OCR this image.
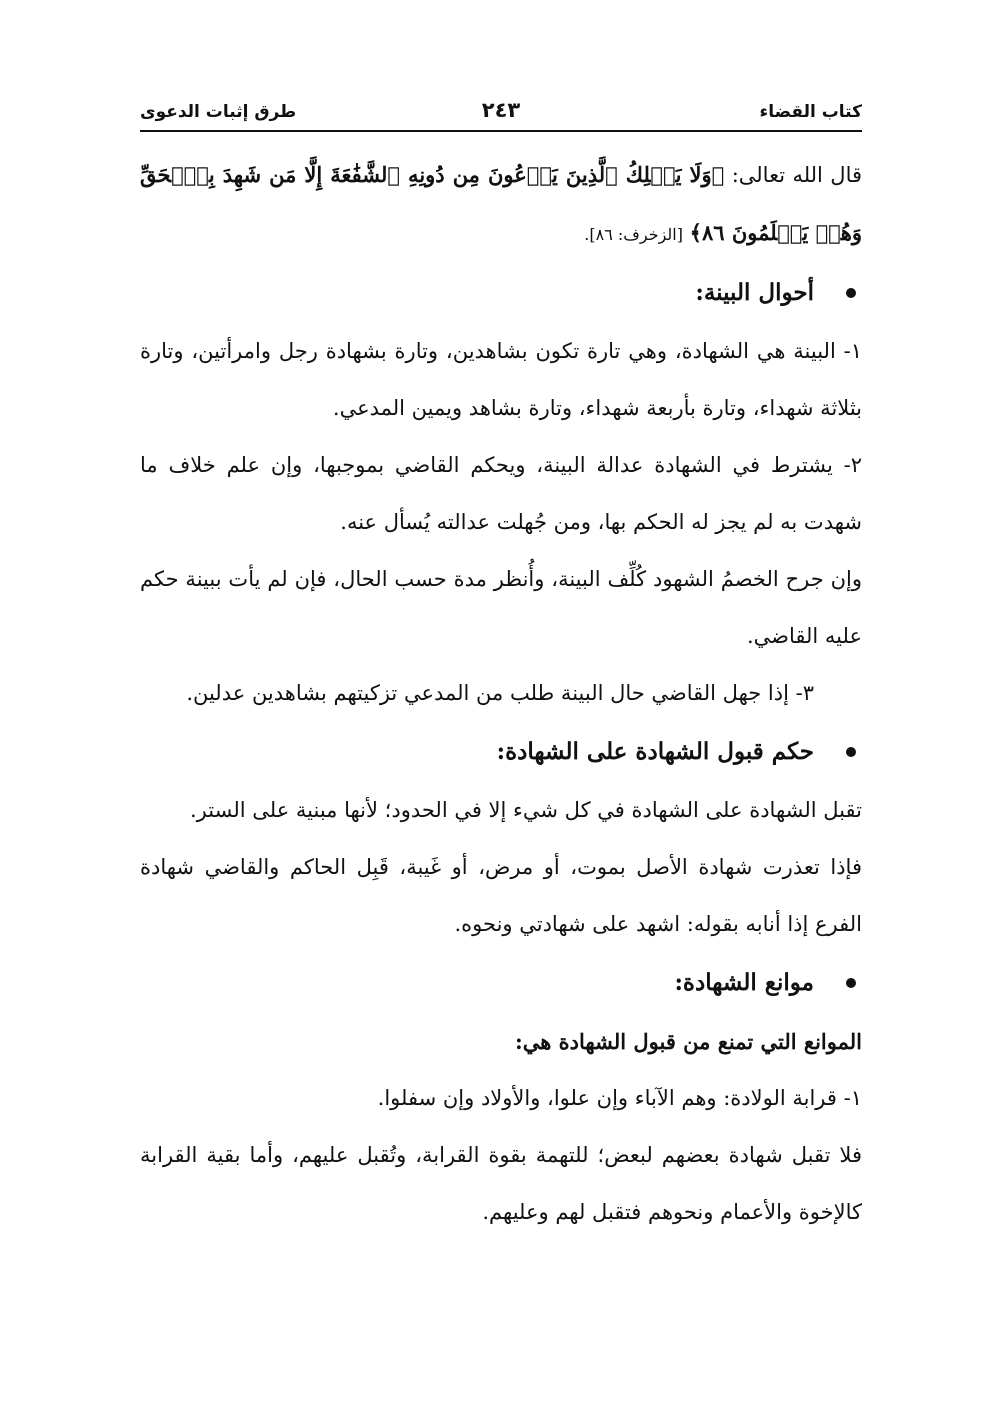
كتاب القضاء
٢٤٣
طرق إثبات الدعوى

قال الله تعالى: ﴿وَلَا يَمۡلِكُ ٱلَّذِينَ يَدۡعُونَ مِن دُونِهِ ٱلشَّفَٰعَةَ إِلَّا مَن شَهِدَ بِٱلۡحَقِّ وَهُمۡ يَعۡلَمُونَ ٨٦﴾ [الزخرف: ٨٦].

أحوال البينة:

١- البينة هي الشهادة، وهي تارة تكون بشاهدين، وتارة بشهادة رجل وامرأتين، وتارة بثلاثة شهداء، وتارة بأربعة شهداء، وتارة بشاهد ويمين المدعي.

٢- يشترط في الشهادة عدالة البينة، ويحكم القاضي بموجبها، وإن علم خلاف ما شهدت به لم يجز له الحكم بها، ومن جُهلت عدالته يُسأل عنه.

وإن جرح الخصمُ الشهود كُلِّف البينة، وأُنظر مدة حسب الحال، فإن لم يأت ببينة حكم عليه القاضي.

٣- إذا جهل القاضي حال البينة طلب من المدعي تزكيتهم بشاهدين عدلين.

حكم قبول الشهادة على الشهادة:

تقبل الشهادة على الشهادة في كل شيء إلا في الحدود؛ لأنها مبنية على الستر.

فإذا تعذرت شهادة الأصل بموت، أو مرض، أو غَيبة، قَبِل الحاكم والقاضي شهادة الفرع إذا أنابه بقوله: اشهد على شهادتي ونحوه.

موانع الشهادة:

الموانع التي تمنع من قبول الشهادة هي:

١- قرابة الولادة: وهم الآباء وإن علوا، والأولاد وإن سفلوا.

فلا تقبل شهادة بعضهم لبعض؛ للتهمة بقوة القرابة، وتُقبل عليهم، وأما بقية القرابة كالإخوة والأعمام ونحوهم فتقبل لهم وعليهم.
